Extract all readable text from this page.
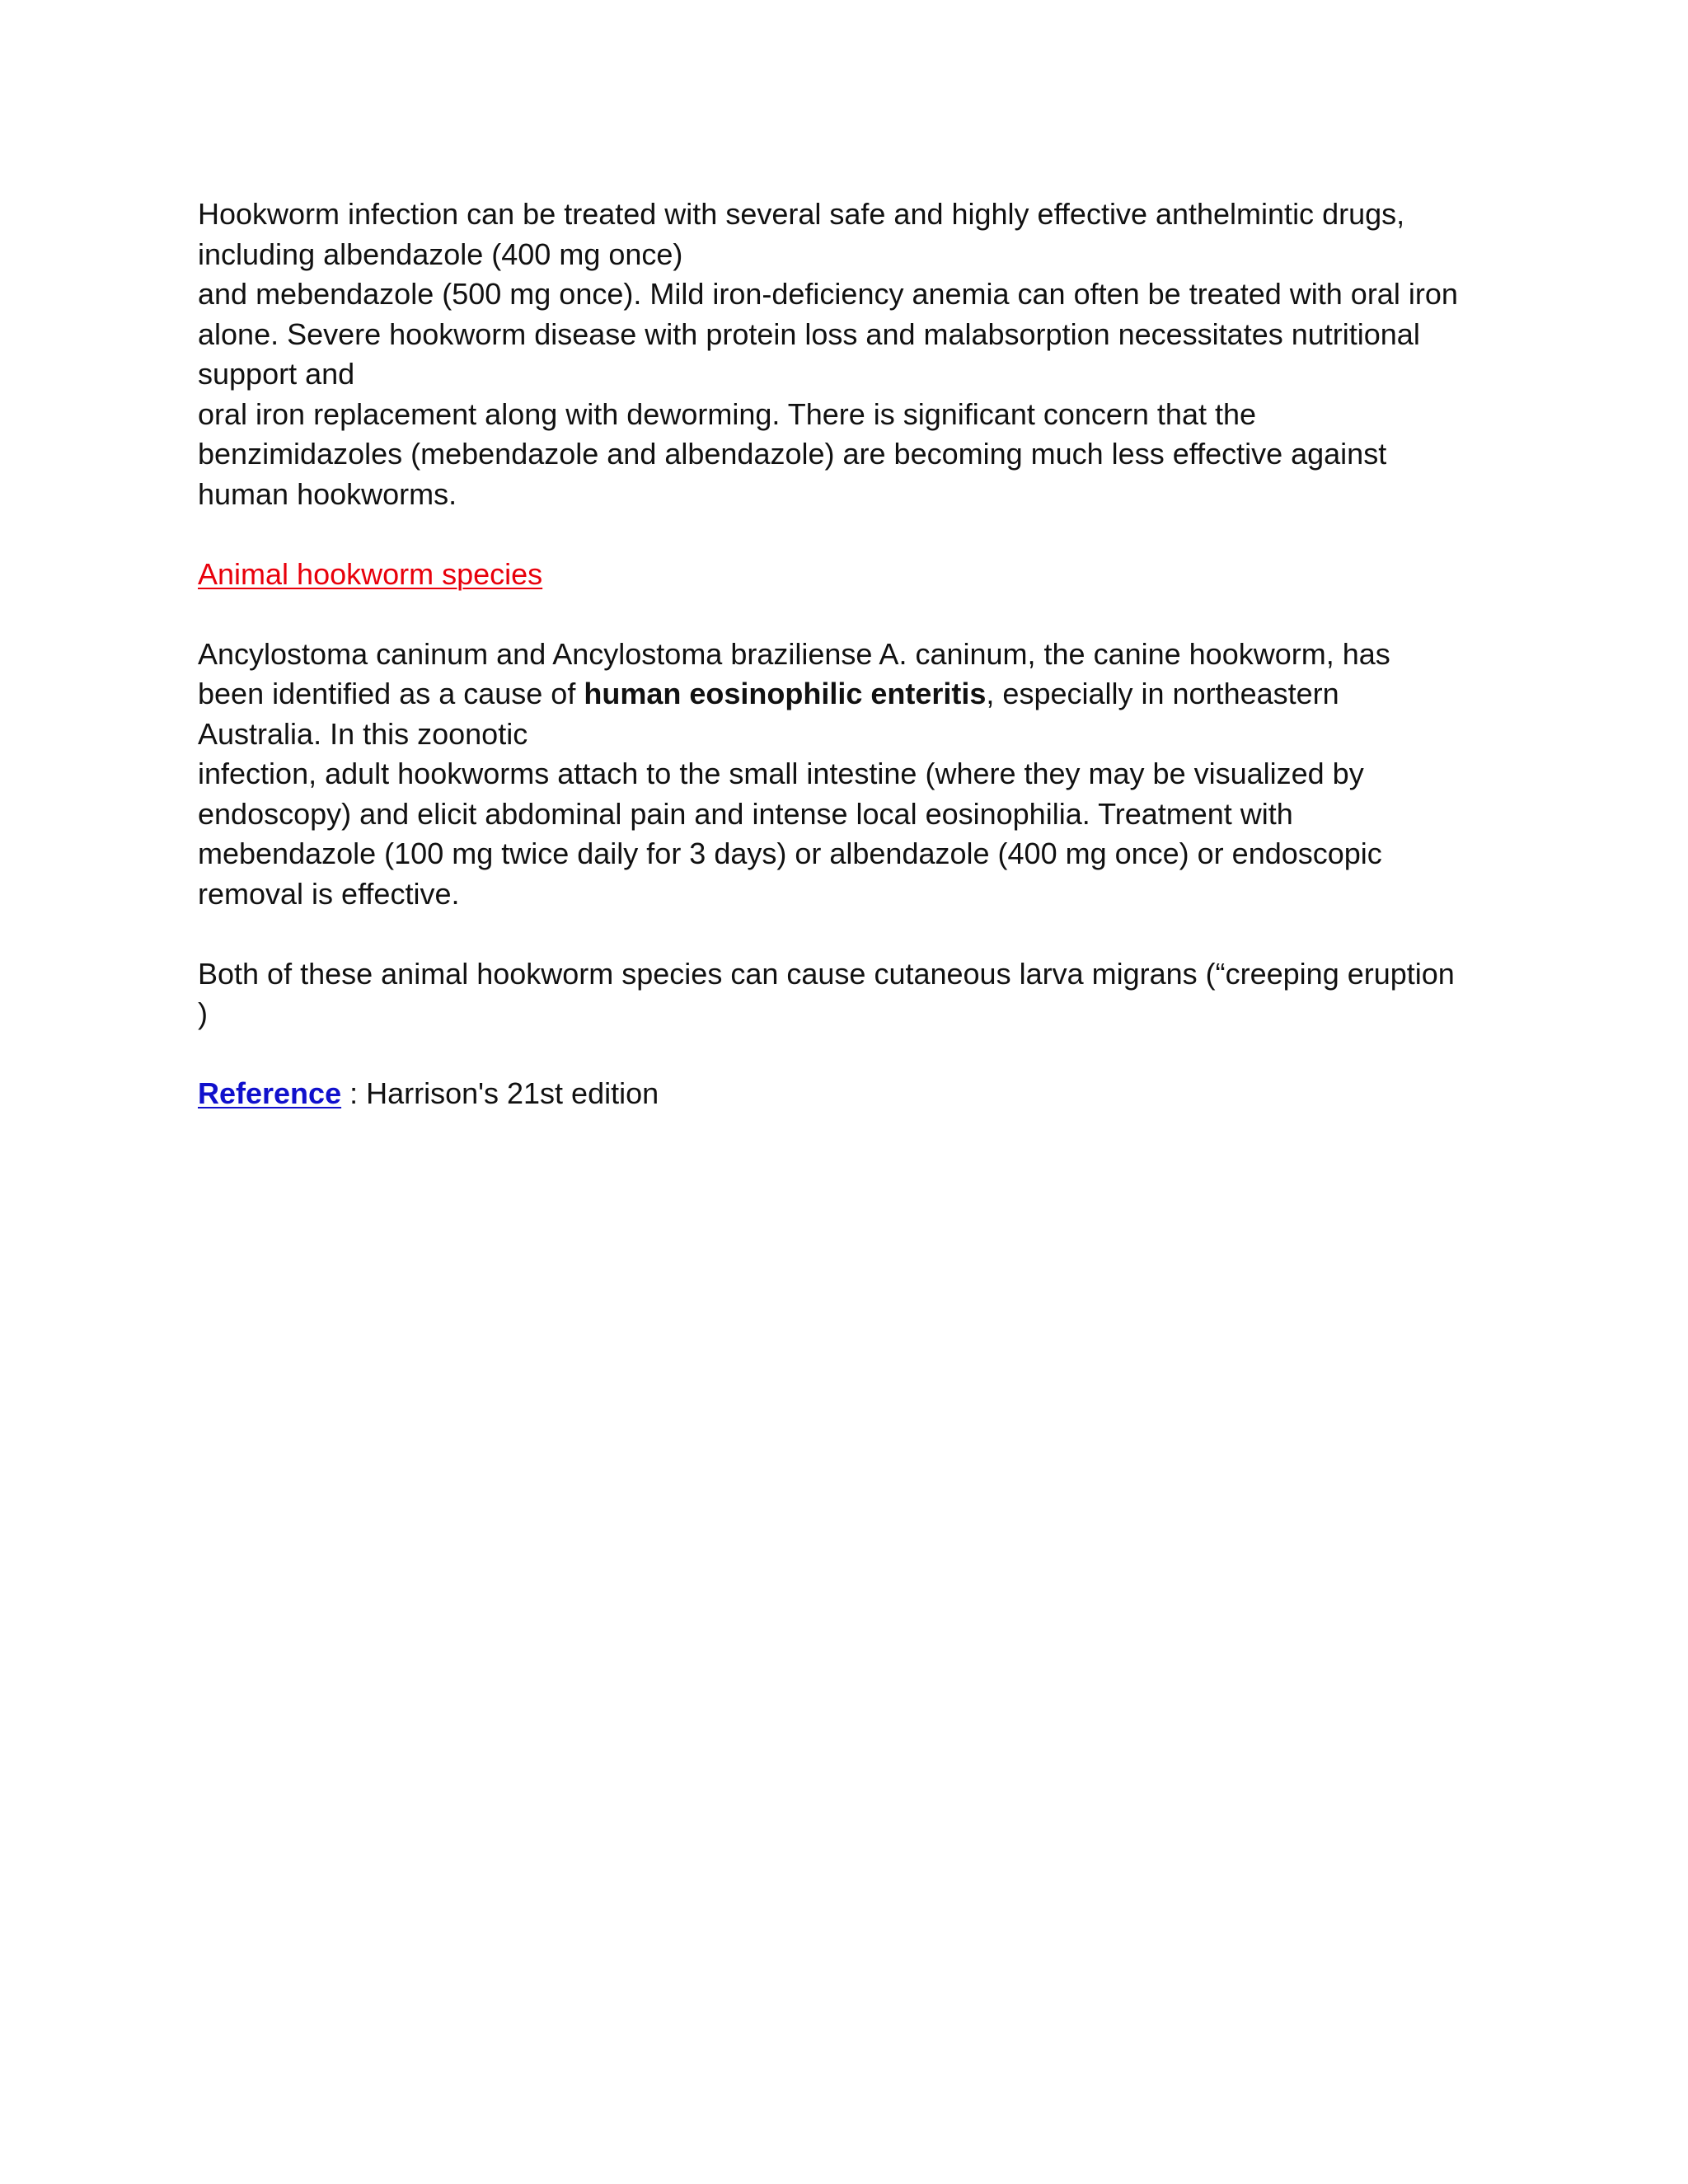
Hookworm infection can be treated with several safe and highly effective anthelmintic drugs,
including albendazole (400 mg once)
and mebendazole (500 mg once). Mild iron-deficiency anemia can often be treated with oral iron
alone. Severe hookworm disease with protein loss and malabsorption necessitates nutritional
support and
oral iron replacement along with deworming. There is significant concern that the
benzimidazoles (mebendazole and albendazole) are becoming much less effective against
human hookworms.
Animal hookworm species
Ancylostoma caninum and Ancylostoma braziliense A. caninum, the canine hookworm, has
been identified as a cause of human eosinophilic enteritis, especially in northeastern
Australia. In this zoonotic
infection, adult hookworms attach to the small intestine (where they may be visualized by
endoscopy) and elicit abdominal pain and intense local eosinophilia. Treatment with
mebendazole (100 mg twice daily for 3 days) or albendazole (400 mg once) or endoscopic
removal is effective.
Both of these animal hookworm species can cause cutaneous larva migrans (“creeping eruption
)
Reference : Harrison's 21st edition
